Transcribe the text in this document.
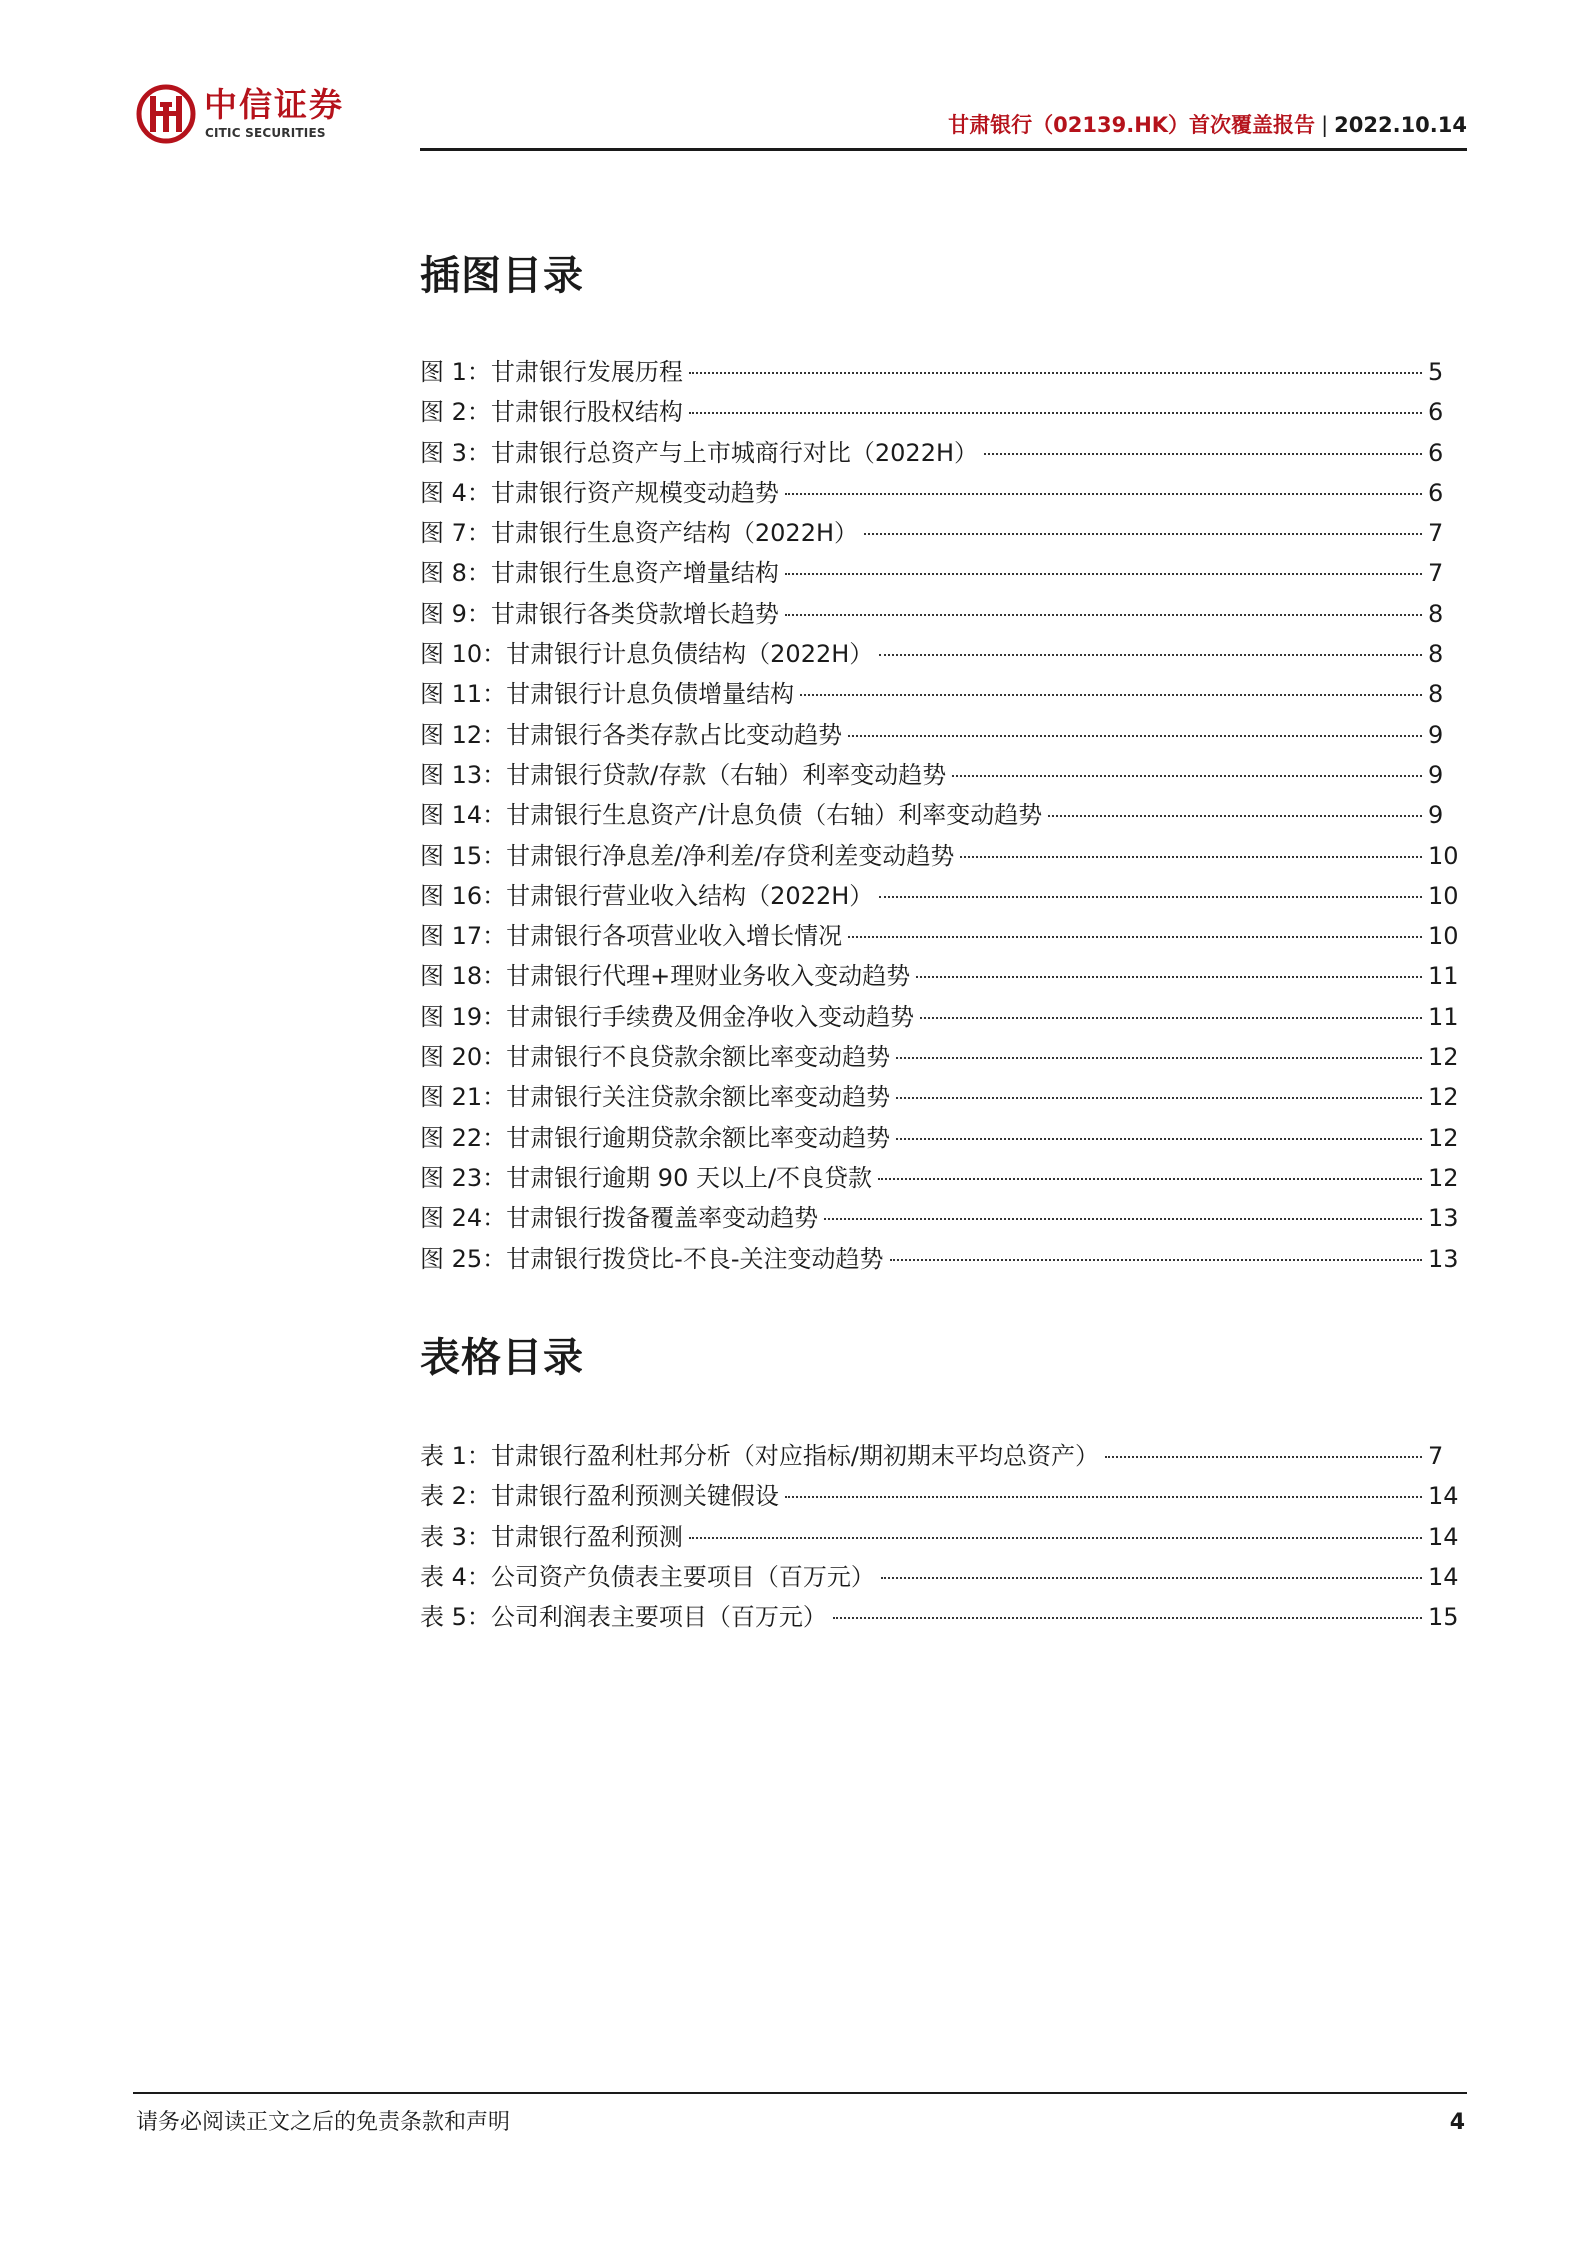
中信证券
CITIC SECURITIES	甘肃银行（02139.HK）首次覆盖报告 | 2022.10.14
插图目录
图 1：甘肃银行发展历程	5
图 2：甘肃银行股权结构	6
图 3：甘肃银行总资产与上市城商行对比（2022H）	6
图 4：甘肃银行资产规模变动趋势	6
图 7：甘肃银行生息资产结构（2022H）	7
图 8：甘肃银行生息资产增量结构	7
图 9：甘肃银行各类贷款增长趋势	8
图 10：甘肃银行计息负债结构（2022H）	8
图 11：甘肃银行计息负债增量结构	8
图 12：甘肃银行各类存款占比变动趋势	9
图 13：甘肃银行贷款/存款（右轴）利率变动趋势	9
图 14：甘肃银行生息资产/计息负债（右轴）利率变动趋势	9
图 15：甘肃银行净息差/净利差/存贷利差变动趋势	10
图 16：甘肃银行营业收入结构（2022H）	10
图 17：甘肃银行各项营业收入增长情况	10
图 18：甘肃银行代理+理财业务收入变动趋势	11
图 19：甘肃银行手续费及佣金净收入变动趋势	11
图 20：甘肃银行不良贷款余额比率变动趋势	12
图 21：甘肃银行关注贷款余额比率变动趋势	12
图 22：甘肃银行逾期贷款余额比率变动趋势	12
图 23：甘肃银行逾期 90 天以上/不良贷款	12
图 24：甘肃银行拨备覆盖率变动趋势	13
图 25：甘肃银行拨贷比-不良-关注变动趋势	13
表格目录
表 1：甘肃银行盈利杜邦分析（对应指标/期初期末平均总资产）	7
表 2：甘肃银行盈利预测关键假设	14
表 3：甘肃银行盈利预测	14
表 4：公司资产负债表主要项目（百万元）	14
表 5：公司利润表主要项目（百万元）	15
请务必阅读正文之后的免责条款和声明	4
